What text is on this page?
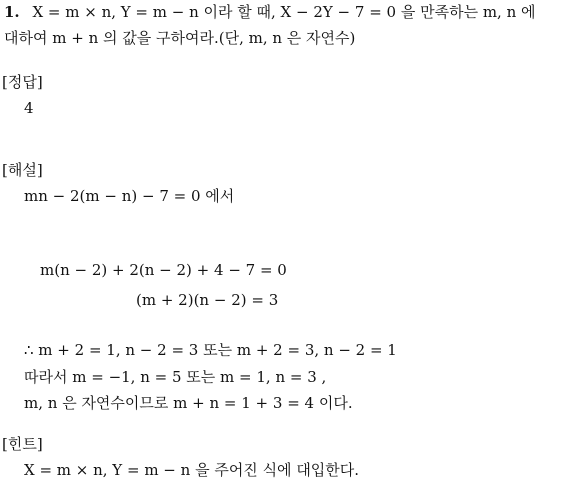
1. X = m × n, Y = m − n 이라 할 때, X − 2Y − 7 = 0 을 만족하는 m, n 에
대하여 m + n 의 값을 구하여라.(단, m, n 은 자연수)
[정답]
4
[해설]
mn − 2(m − n) − 7 = 0 에서
m(n − 2) + 2(n − 2) + 4 − 7 = 0
(m + 2)(n − 2) = 3
∴ m + 2 = 1, n − 2 = 3 또는 m + 2 = 3, n − 2 = 1
따라서 m = −1, n = 5 또는 m = 1, n = 3 ,
m, n 은 자연수이므로 m + n = 1 + 3 = 4 이다.
[힌트]
X = m × n, Y = m − n 을 주어진 식에 대입한다.
